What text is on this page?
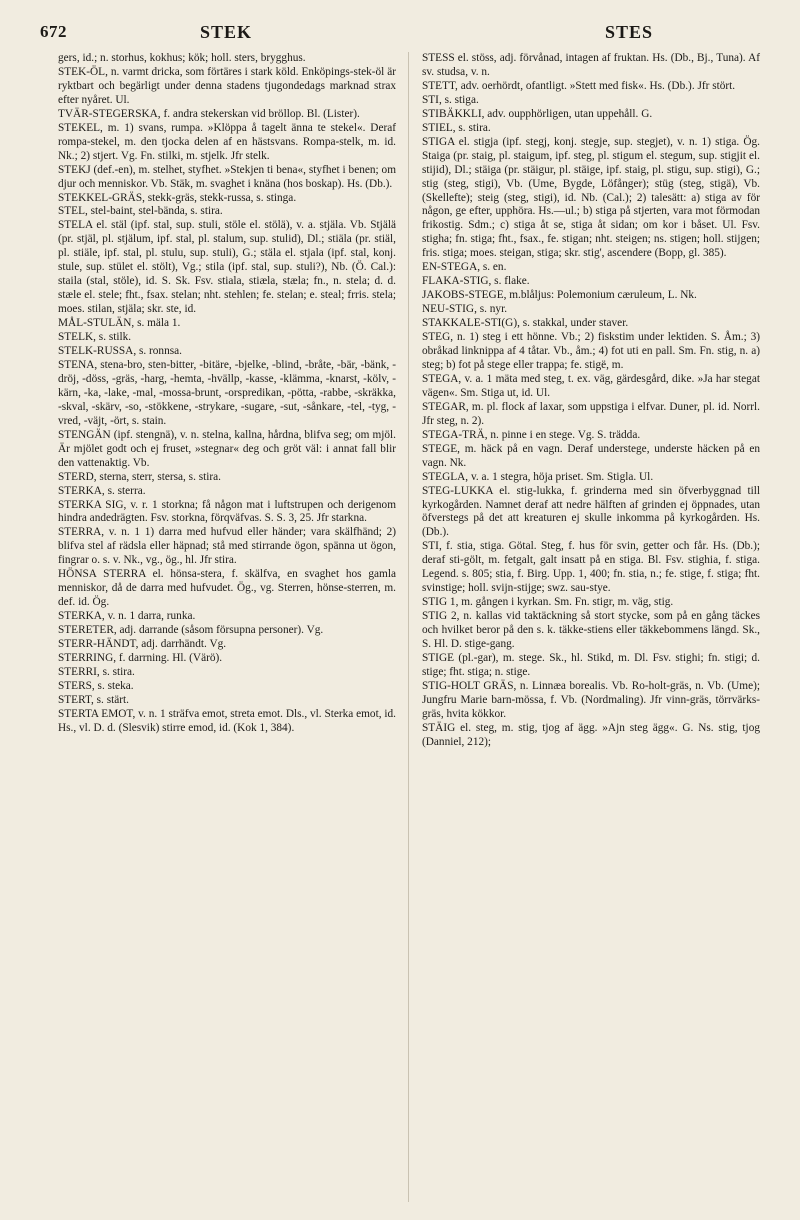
672	STEK	STES

gers, id.; n. storhus, kokhus; kök; holl. sters, brygghus.

STEK-ÖL, n. varmt dricka, som förtäres i stark köld. Enköpings-stek-öl är ryktbart och begärligt under denna stadens tjugondedags marknad strax efter nyåret. Ul.

TVÄR-STEGERSKA, f. andra stekerskan vid bröllop. Bl. (Lister).

STEKEL, m. 1) svans, rumpa. »Klöppa å tagelt änna te stekel«. Deraf rompa-stekel, m. den tjocka delen af en hästsvans. Rompa-stelk, m. id. Nk.; 2) stjert. Vg. Fn. stilki, m. stjelk. Jfr stelk.

STEKJ (def.-en), m. stelhet, styfhet. »Stekjen ti bena«, styfhet i benen; om djur och menniskor. Vb. Stäk, m. svaghet i knäna (hos boskap). Hs. (Db.).

STEKKEL-GRÄS, stekk-gräs, stekk-russa, s. stinga.

STEL, stel-baint, stel-bända, s. stira.

STELA el. stäl (ipf. stal, sup. stuli, stöle el. stölä), v. a. stjäla. Vb. Stjälä (pr. stjäl, pl. stjälum, ipf. stal, pl. stalum, sup. stulid), Dl.; stiäla (pr. stiäl, pl. stiäle, ipf. stal, pl. stulu, sup. stuli), G.; stäla el. stjala (ipf. stal, konj. stule, sup. stület el. stölt), Vg.; stila (ipf. stal, sup. stuli?), Nb. (Ö. Cal.): staila (stal, stöle), id. S. Sk. Fsv. stiala, stiæla, stæla; fn., n. stela; d. d. stæle el. stele; fht., fsax. stelan; nht. stehlen; fe. stelan; e. steal; frris. stela; moes. stilan, stjäla; skr. ste, id.

MÅL-STULÄN, s. mäla 1.

STELK, s. stilk.

STELK-RUSSA, s. ronnsa.

STENA, stena-bro, sten-bitter, -bitäre, -bjelke, -blind, -bråte, -bär, -bänk, -dröj, -döss, -gräs, -harg, -hemta, -hvällp, -kasse, -klämma, -knarst, -kölv, -kärn, -ka, -lake, -mal, -mossa-brunt, -orspredikan, -pötta, -rabbe, -skräkka, -skval, -skärv, -so, -stökkene, -strykare, -sugare, -sut, -sånkare, -tel, -tyg, -vred, -väjt, -ört, s. stain.

STENGÄN (ipf. stengnä), v. n. stelna, kallna, hårdna, blifva seg; om mjöl. Är mjölet godt och ej fruset, »stegnar« deg och gröt väl: i annat fall blir den vattenaktig. Vb.

STERD, sterna, sterr, stersa, s. stira.

STERKA, s. sterra.

STERKA SIG, v. r. 1 storkna; få någon mat i luftstrupen och derigenom hindra andedrägten. Fsv. storkna, förqväfvas. S. S. 3, 25. Jfr starkna.

STERRA, v. n. 1 1) darra med hufvud eller händer; vara skälfhänd; 2) blifva stel af rädsla eller häpnad; stå med stirrande ögon, spänna ut ögon, fingrar o. s. v. Nk., vg., ög., hl. Jfr stira.

HÖNSA STERRA el. hönsa-stera, f. skälfva, en svaghet hos gamla menniskor, då de darra med hufvudet. Ög., vg. Sterren, hönse-sterren, m. def. id. Ög.

STERKA, v. n. 1 darra, runka.

STERETER, adj. darrande (såsom försupna personer). Vg.

STERR-HÄNDT, adj. darrhändt. Vg.

STERRING, f. darrning. Hl. (Värö).

STERRI, s. stira.

STERS, s. steka.

STERT, s. stärt.

STERTA EMOT, v. n. 1 sträfva emot, streta emot. Dls., vl. Sterka emot, id. Hs., vl. D. d. (Slesvik) stirre emod, id. (Kok 1, 384).

STESS el. stöss, adj. förvånad, intagen af fruktan. Hs. (Db., Bj., Tuna). Af sv. studsa, v. n.

STETT, adv. oerhördt, ofantligt. »Stett med fisk«. Hs. (Db.). Jfr stört.

STI, s. stiga.

STIBÄKKLI, adv. oupphörligen, utan uppehåll. G.

STIEL, s. stira.

STIGA el. stigja (ipf. stegj, konj. stegje, sup. stegjet), v. n. 1) stiga. Ög. Staiga (pr. staig, pl. staigum, ipf. steg, pl. stigum el. stegum, sup. stigjit el. stijid), Dl.; stäiga (pr. stäigur, pl. stäige, ipf. staig, pl. stigu, sup. stigi), G.; stig (steg, stigi), Vb. (Ume, Bygde, Löfånger); stüg (steg, stigä), Vb. (Skellefte); steig (steg, stigi), id. Nb. (Cal.); 2) talesätt: a) stiga av för någon, ge efter, upphöra. Hs.—ul.; b) stiga på stjerten, vara mot förmodan frikostig. Sdm.; c) stiga åt se, stiga åt sidan; om kor i båset. Ul. Fsv. stigha; fn. stiga; fht., fsax., fe. stigan; nht. steigen; ns. stigen; holl. stijgen; fris. stiga; moes. steigan, stiga; skr. stig', ascendere (Bopp, gl. 385).

EN-STEGA, s. en.

FLAKA-STIG, s. flake.

JAKOBS-STEGE, m.blåljus: Polemonium cæruleum, L. Nk.

NEU-STIG, s. nyr.

STAKKALE-STI(G), s. stakkal, under staver.

STEG, n. 1) steg i ett hönne. Vb.; 2) fiskstim under lektiden. S. Åm.; 3) obråkad linknippa af 4 tåtar. Vb., åm.; 4) fot uti en pall. Sm. Fn. stig, n. a) steg; b) fot på stege eller trappa; fe. stigë, m.

STEGA, v. a. 1 mäta med steg, t. ex. väg, gärdesgård, dike. »Ja har stegat vägen«. Sm. Stiga ut, id. Ul.

STEGAR, m. pl. flock af laxar, som uppstiga i elfvar. Duner, pl. id. Norrl. Jfr steg, n. 2).

STEGA-TRÄ, n. pinne i en stege. Vg. S. trädda.

STEGE, m. häck på en vagn. Deraf understege, underste häcken på en vagn. Nk.

STEGLA, v. a. 1 stegra, höja priset. Sm. Stigla. Ul.

STEG-LUKKA el. stig-lukka, f. grinderna med sin öfverbyggnad till kyrkogården. Namnet deraf att nedre hälften af grinden ej öppnades, utan öfverstegs på det att kreaturen ej skulle inkomma på kyrkogården. Hs. (Db.).

STI, f. stia, stiga. Götal. Steg, f. hus för svin, getter och får. Hs. (Db.); deraf sti-gölt, m. fetgalt, galt insatt på en stiga. Bl. Fsv. stighia, f. stiga. Legend. s. 805; stia, f. Birg. Upp. 1, 400; fn. stia, n.; fe. stige, f. stiga; fht. svinstige; holl. svijn-stijge; swz. sau-stye.

STIG 1, m. gången i kyrkan. Sm. Fn. stigr, m. väg, stig.

STIG 2, n. kallas vid taktäckning så stort stycke, som på en gång täckes och hvilket beror på den s. k. täkke-stiens eller täkkebommens längd. Sk., S. Hl. D. stige-gang.

STIGE (pl.-gar), m. stege. Sk., hl. Stikd, m. Dl. Fsv. stighi; fn. stigi; d. stige; fht. stiga; n. stige.

STIG-HOLT GRÄS, n. Linnæa borealis. Vb. Ro-holt-gräs, n. Vb. (Ume); Jungfru Marie barn-mössa, f. Vb. (Nordmaling). Jfr vinn-gräs, törrvärks-gräs, hvita kökkor.

STÄIG el. steg, m. stig, tjog af ägg. »Ajn steg ägg«. G. Ns. stig, tjog (Danniel, 212);
